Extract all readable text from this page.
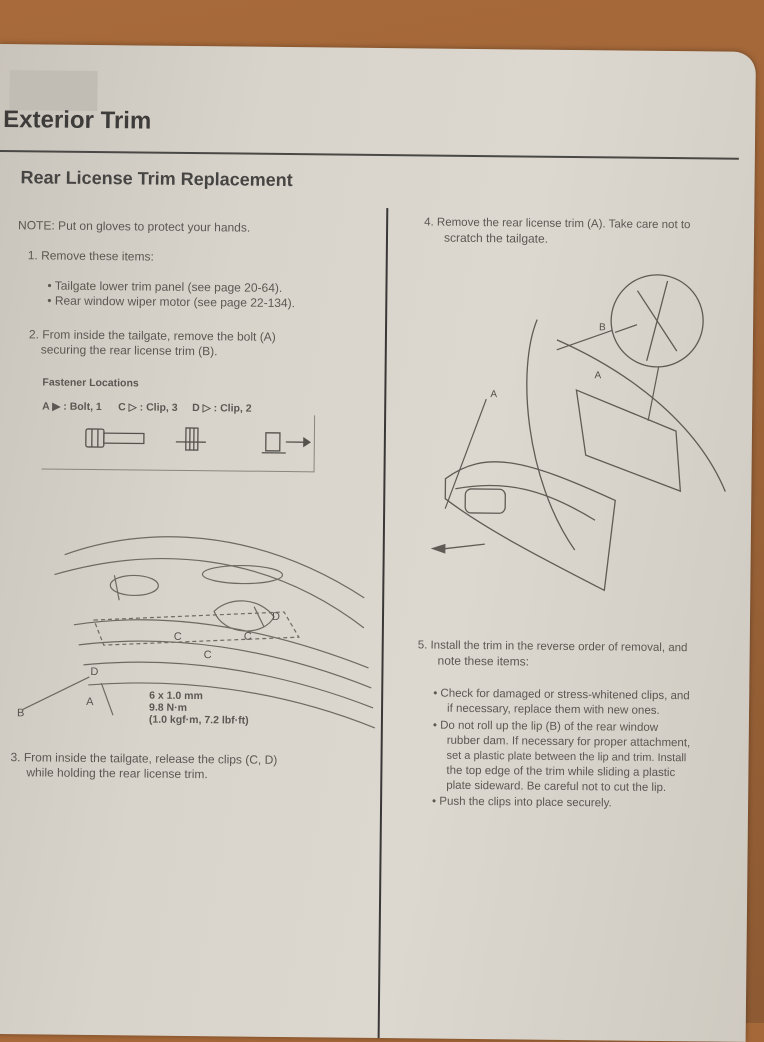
Exterior Trim
Rear License Trim Replacement
NOTE: Put on gloves to protect your hands.
1. Remove these items:
• Tailgate lower trim panel (see page 20-64).
• Rear window wiper motor (see page 22-134).
2. From inside the tailgate, remove the bolt (A)
securing the rear license trim (B).
Fastener Locations
A ▶ : Bolt, 1 C ▷ : Clip, 3 D ▷ : Clip, 2
B
A
D
D
C
C
C
6 x 1.0 mm
9.8 N·m
(1.0 kgf·m, 7.2 lbf·ft)
3. From inside the tailgate, release the clips (C, D)
while holding the rear license trim.
4. Remove the rear license trim (A). Take care not to
scratch the tailgate.
B
A
A
5. Install the trim in the reverse order of removal, and
note these items:
• Check for damaged or stress-whitened clips, and
if necessary, replace them with new ones.
• Do not roll up the lip (B) of the rear window
rubber dam. If necessary for proper attachment,
set a plastic plate between the lip and trim. Install
the top edge of the trim while sliding a plastic
plate sideward. Be careful not to cut the lip.
• Push the clips into place securely.
